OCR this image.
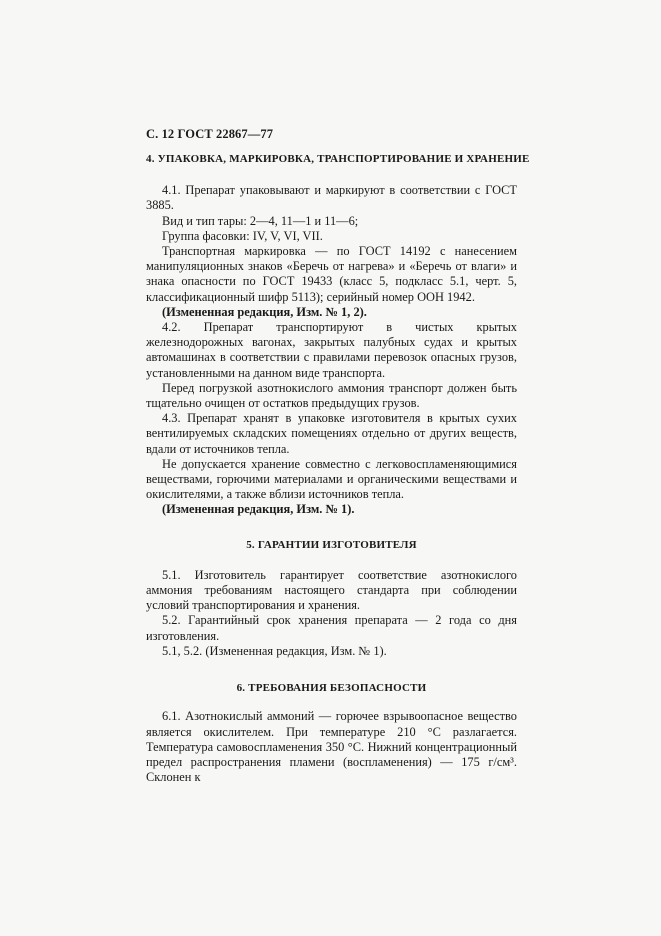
С. 12 ГОСТ 22867—77
4. УПАКОВКА, МАРКИРОВКА, ТРАНСПОРТИРОВАНИЕ И ХРАНЕНИЕ

4.1. Препарат упаковывают и маркируют в соответствии с ГОСТ 3885.

Вид и тип тары: 2—4, 11—1 и 11—6;

Группа фасовки: IV, V, VI, VII.

Транспортная маркировка — по ГОСТ 14192 с нанесением манипуляционных знаков «Беречь от нагрева» и «Беречь от влаги» и знака опасности по ГОСТ 19433 (класс 5, подкласс 5.1, черт. 5, классификационный шифр 5113); серийный номер ООН 1942.

(Измененная редакция, Изм. № 1, 2).

4.2. Препарат транспортируют в чистых крытых железнодорожных вагонах, закрытых палубных судах и крытых автомашинах в соответствии с правилами перевозок опасных грузов, установленными на данном виде транспорта.

Перед погрузкой азотнокислого аммония транспорт должен быть тщательно очищен от остатков предыдущих грузов.

4.3. Препарат хранят в упаковке изготовителя в крытых сухих вентилируемых складских помещениях отдельно от других веществ, вдали от источников тепла.

Не допускается хранение совместно с легковоспламеняющимися веществами, горючими материалами и органическими веществами и окислителями, а также вблизи источников тепла.

(Измененная редакция, Изм. № 1).

5. ГАРАНТИИ ИЗГОТОВИТЕЛЯ

5.1. Изготовитель гарантирует соответствие азотнокислого аммония требованиям настоящего стандарта при соблюдении условий транспортирования и хранения.

5.2. Гарантийный срок хранения препарата — 2 года со дня изготовления.

5.1, 5.2. (Измененная редакция, Изм. № 1).

6. ТРЕБОВАНИЯ БЕЗОПАСНОСТИ

6.1. Азотнокислый аммоний — горючее взрывоопасное вещество является окислителем. При температуре 210 °С разлагается. Температура самовоспламенения 350 °С. Нижний концентрационный предел распространения пламени (воспламенения) — 175 г/см³. Склонен к
